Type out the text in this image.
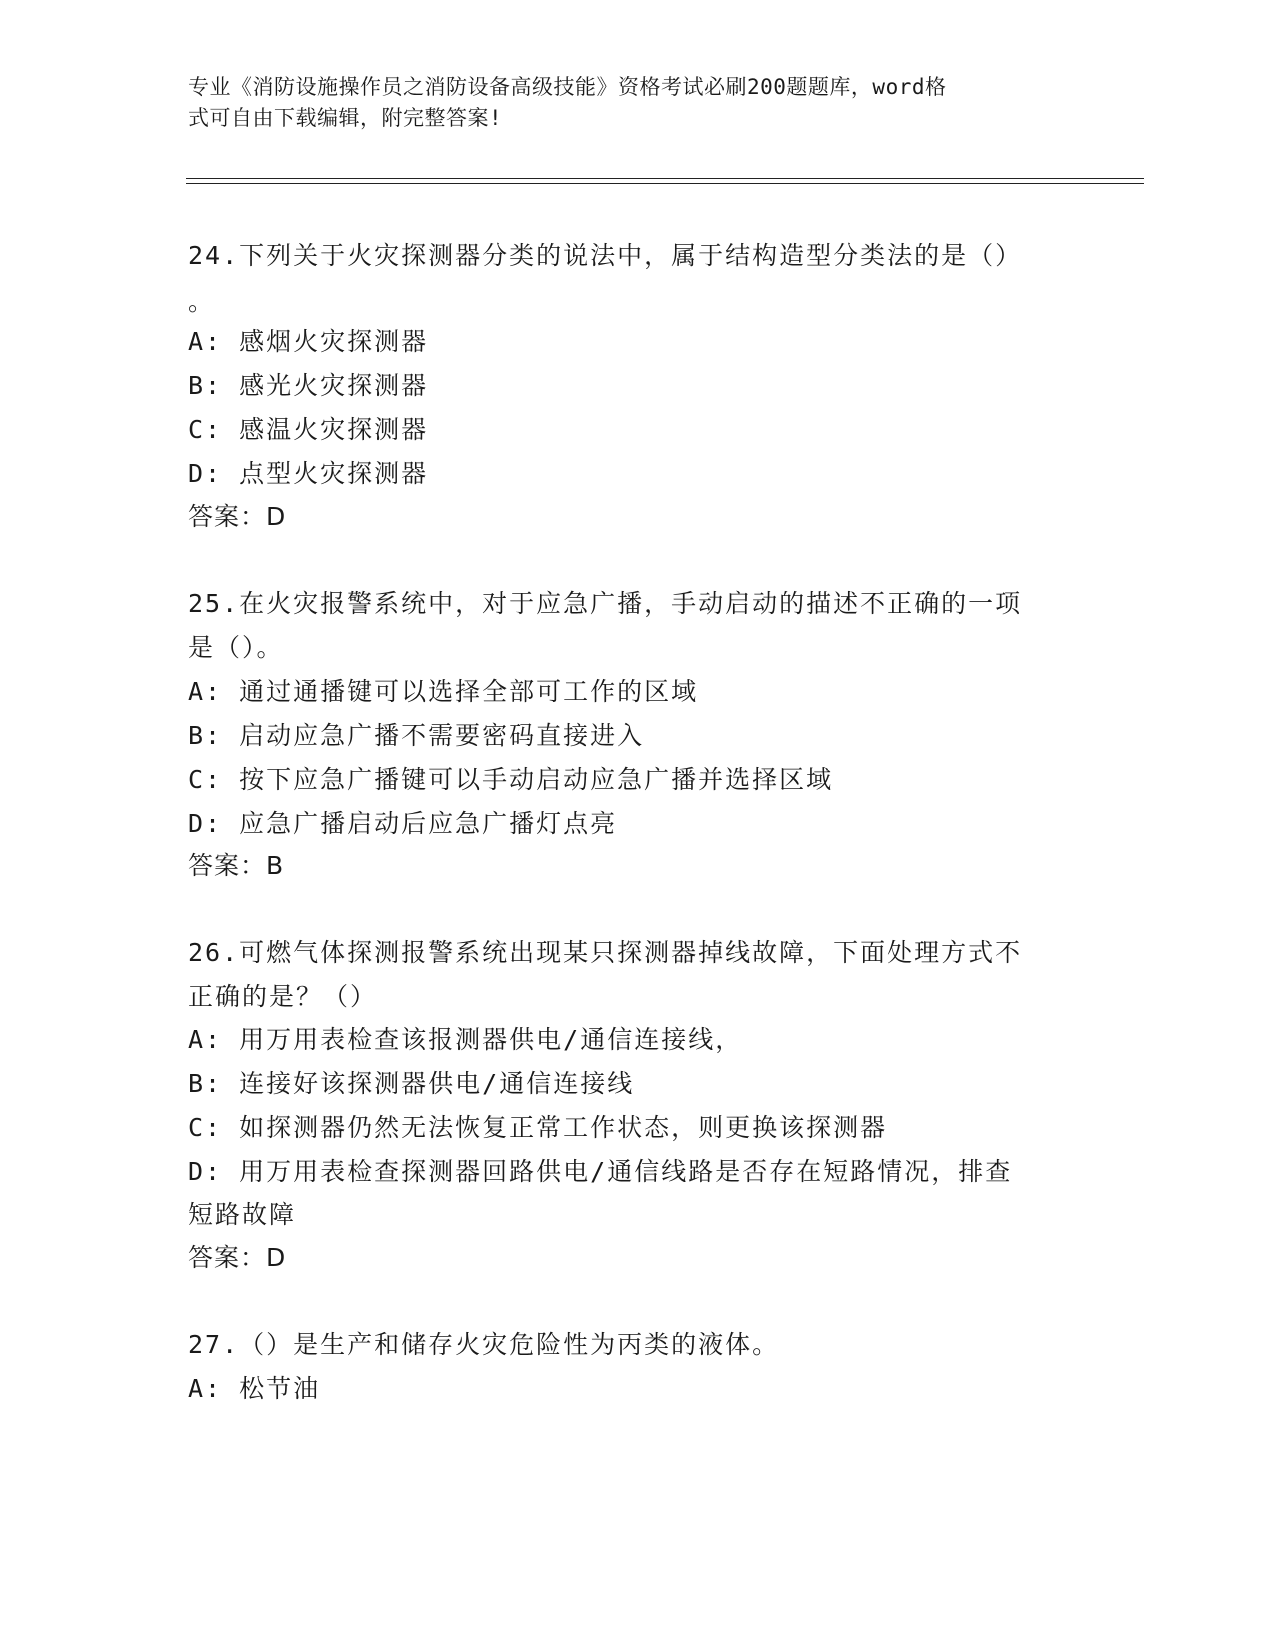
专业《消防设施操作员之消防设备高级技能》资格考试必刷200题题库，word格
式可自由下载编辑，附完整答案!
24.下列关于火灾探测器分类的说法中，属于结构造型分类法的是（）
。
A: 感烟火灾探测器
B: 感光火灾探测器
C: 感温火灾探测器
D: 点型火灾探测器
答案：D
25.在火灾报警系统中，对于应急广播，手动启动的描述不正确的一项
是（）。
A: 通过通播键可以选择全部可工作的区域
B: 启动应急广播不需要密码直接进入
C: 按下应急广播键可以手动启动应急广播并选择区域
D: 应急广播启动后应急广播灯点亮
答案：B
26.可燃气体探测报警系统出现某只探测器掉线故障，下面处理方式不
正确的是？（）
A: 用万用表检查该报测器供电/通信连接线，
B: 连接好该探测器供电/通信连接线
C: 如探测器仍然无法恢复正常工作状态，则更换该探测器
D: 用万用表检查探测器回路供电/通信线路是否存在短路情况，排查
短路故障
答案：D
27.（）是生产和储存火灾危险性为丙类的液体。
A: 松节油
